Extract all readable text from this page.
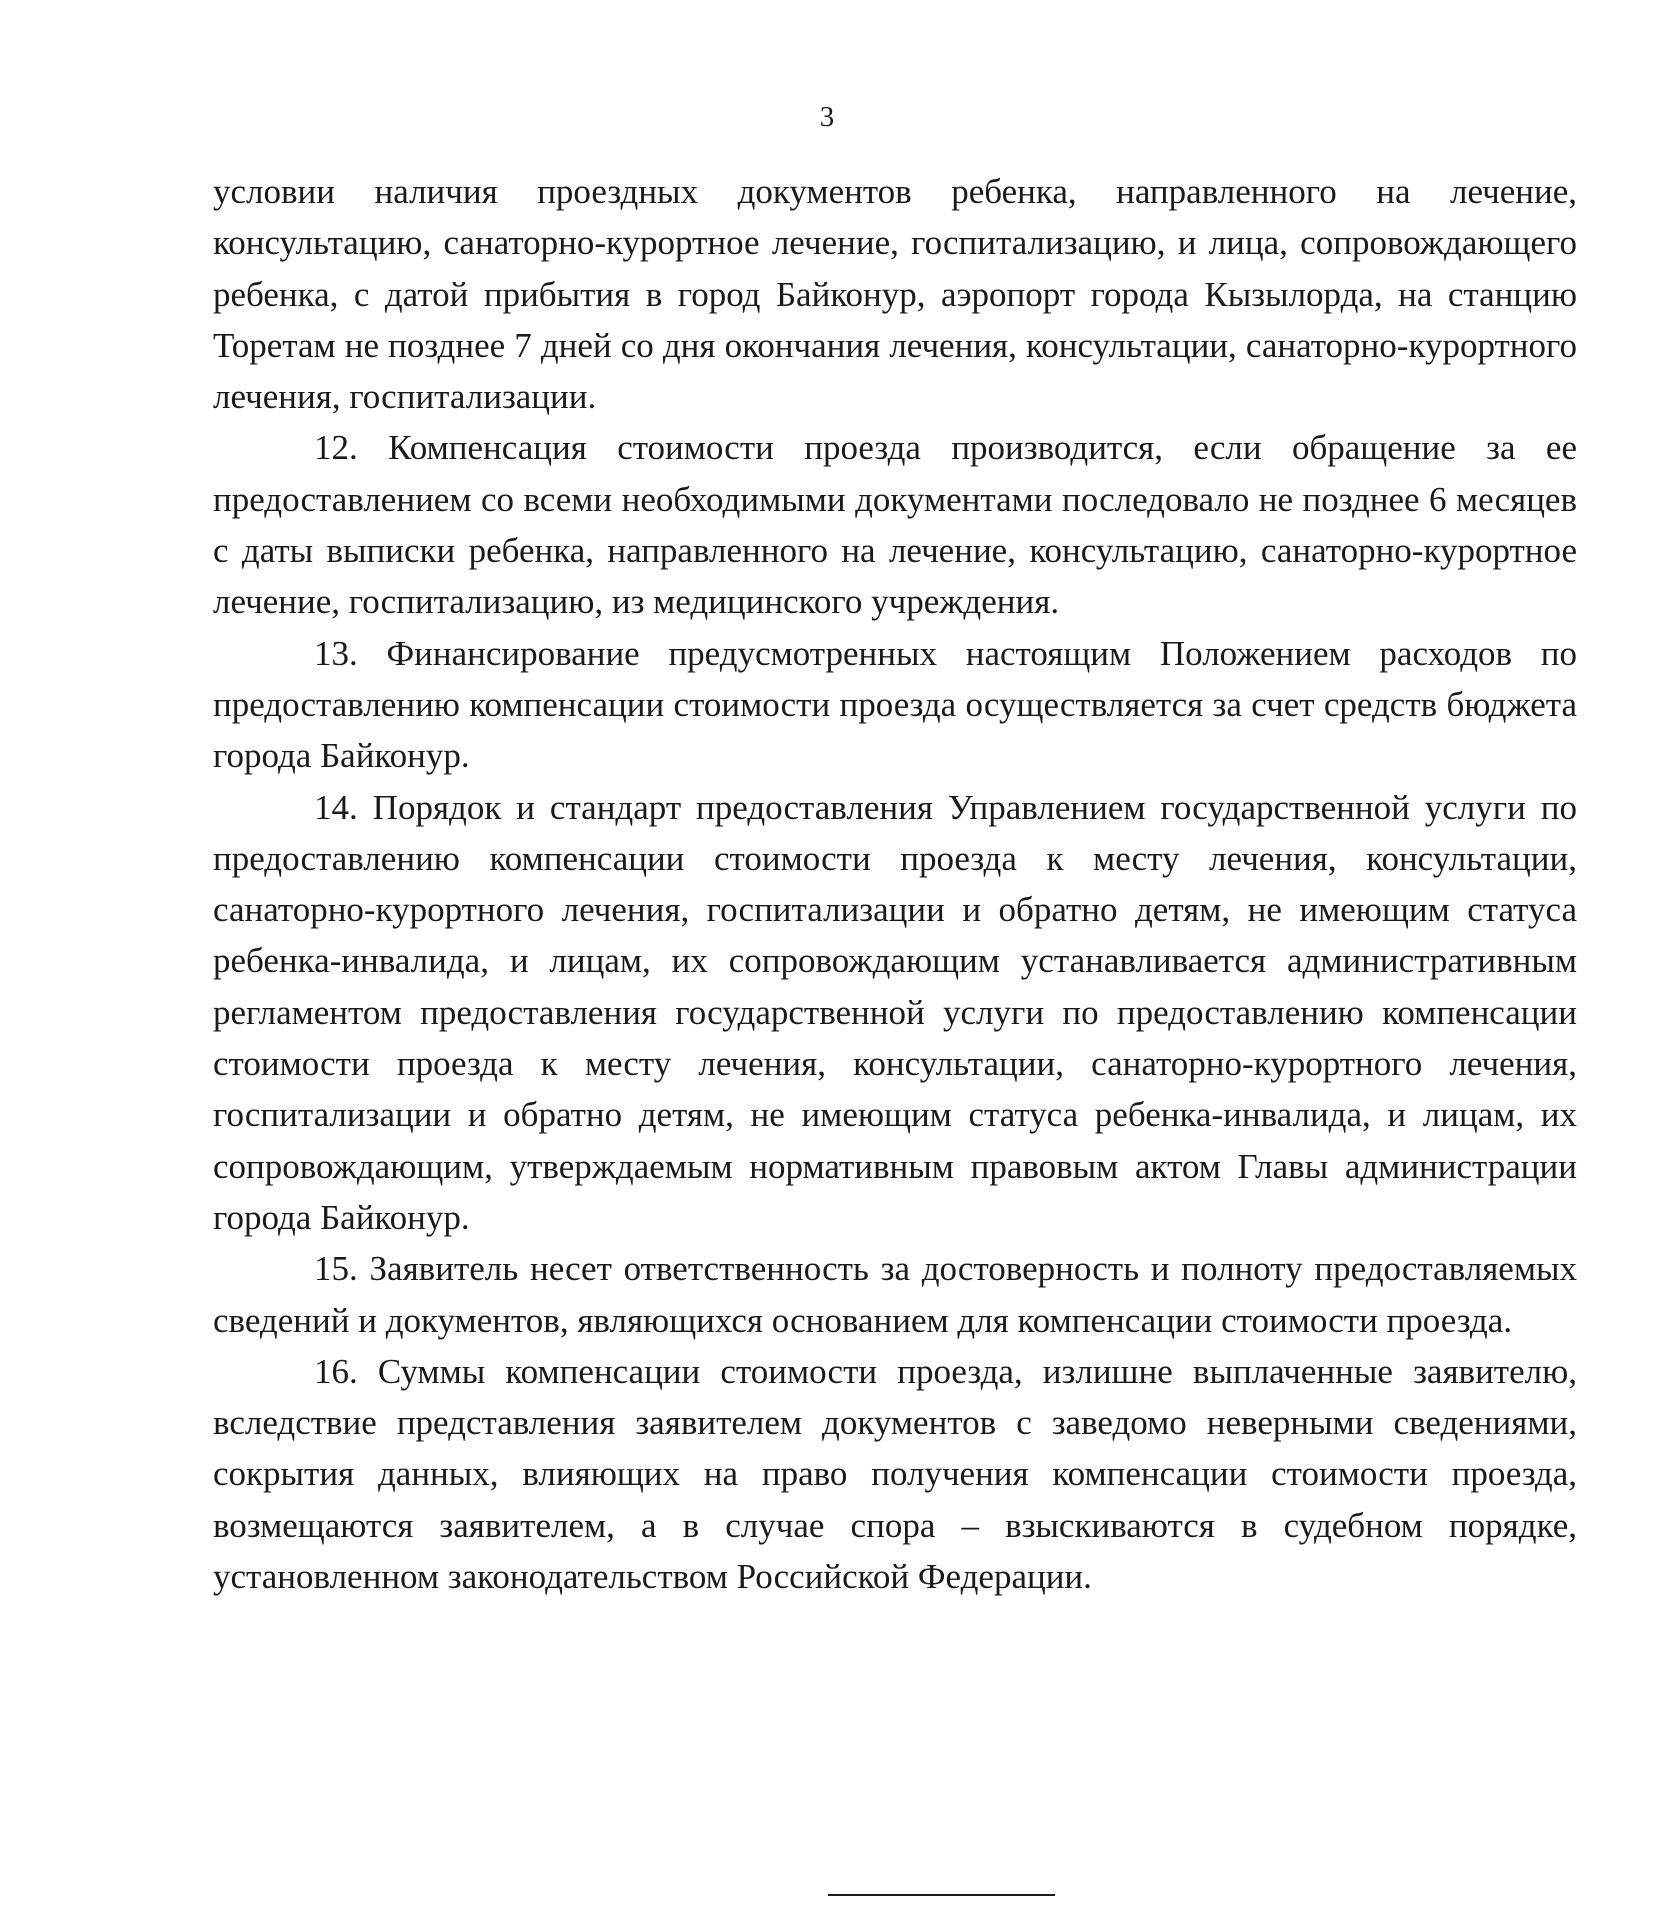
3

условии наличия проездных документов ребенка, направленного на лечение, консультацию, санаторно-курортное лечение, госпитализацию, и лица, сопровождающего ребенка, с датой прибытия в город Байконур, аэропорт города Кызылорда, на станцию Торетам не позднее 7 дней со дня окончания лечения, консультации, санаторно-курортного лечения, госпитализации.

12. Компенсация стоимости проезда производится, если обращение за ее предоставлением со всеми необходимыми документами последовало не позднее 6 месяцев с даты выписки ребенка, направленного на лечение, консультацию, санаторно-курортное лечение, госпитализацию, из медицинского учреждения.

13. Финансирование предусмотренных настоящим Положением расходов по предоставлению компенсации стоимости проезда осуществляется за счет средств бюджета города Байконур.

14. Порядок и стандарт предоставления Управлением государственной услуги по предоставлению компенсации стоимости проезда к месту лечения, консультации, санаторно-курортного лечения, госпитализации и обратно детям, не имеющим статуса ребенка-инвалида, и лицам, их сопровождающим устанавливается административным регламентом предоставления государственной услуги по предоставлению компенсации стоимости проезда к месту лечения, консультации, санаторно-курортного лечения, госпитализации и обратно детям, не имеющим статуса ребенка-инвалида, и лицам, их сопровождающим, утверждаемым нормативным правовым актом Главы администрации города Байконур.

15. Заявитель несет ответственность за достоверность и полноту предоставляемых сведений и документов, являющихся основанием для компенсации стоимости проезда.

16. Суммы компенсации стоимости проезда, излишне выплаченные заявителю, вследствие представления заявителем документов с заведомо неверными сведениями, сокрытия данных, влияющих на право получения компенсации стоимости проезда, возмещаются заявителем, а в случае спора – взыскиваются в судебном порядке, установленном законодательством Российской Федерации.
